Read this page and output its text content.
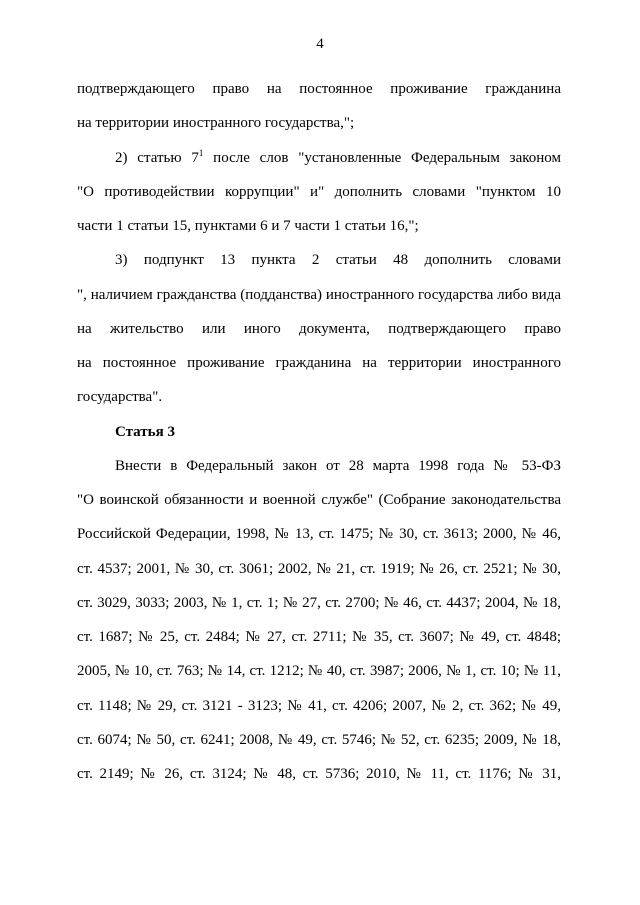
4
подтверждающего право на постоянное проживание гражданина
на территории иностранного государства,";
2) статью $7^1$ после слов "установленные Федеральным законом
"О противодействии коррупции" и" дополнить словами "пунктом 10
части 1 статьи 15, пунктами 6 и 7 части 1 статьи 16,";
3) подпункт 13 пункта 2 статьи 48 дополнить словами
", наличием гражданства (подданства) иностранного государства либо вида
на жительство или иного документа, подтверждающего право
на постоянное проживание гражданина на территории иностранного
государства".
Статья 3
Внести в Федеральный закон от 28 марта 1998 года № 53-ФЗ
"О воинской обязанности и военной службе" (Собрание законодательства
Российской Федерации, 1998, № 13, ст. 1475; № 30, ст. 3613; 2000, № 46,
ст. 4537; 2001, № 30, ст. 3061; 2002, № 21, ст. 1919; № 26, ст. 2521; № 30,
ст. 3029, 3033; 2003, № 1, ст. 1; № 27, ст. 2700; № 46, ст. 4437; 2004, № 18,
ст. 1687; № 25, ст. 2484; № 27, ст. 2711; № 35, ст. 3607; № 49, ст. 4848;
2005, № 10, ст. 763; № 14, ст. 1212; № 40, ст. 3987; 2006, № 1, ст. 10; № 11,
ст. 1148; № 29, ст. 3121 - 3123; № 41, ст. 4206; 2007, № 2, ст. 362; № 49,
ст. 6074; № 50, ст. 6241; 2008, № 49, ст. 5746; № 52, ст. 6235; 2009, № 18,
ст. 2149; № 26, ст. 3124; № 48, ст. 5736; 2010, № 11, ст. 1176; № 31,
